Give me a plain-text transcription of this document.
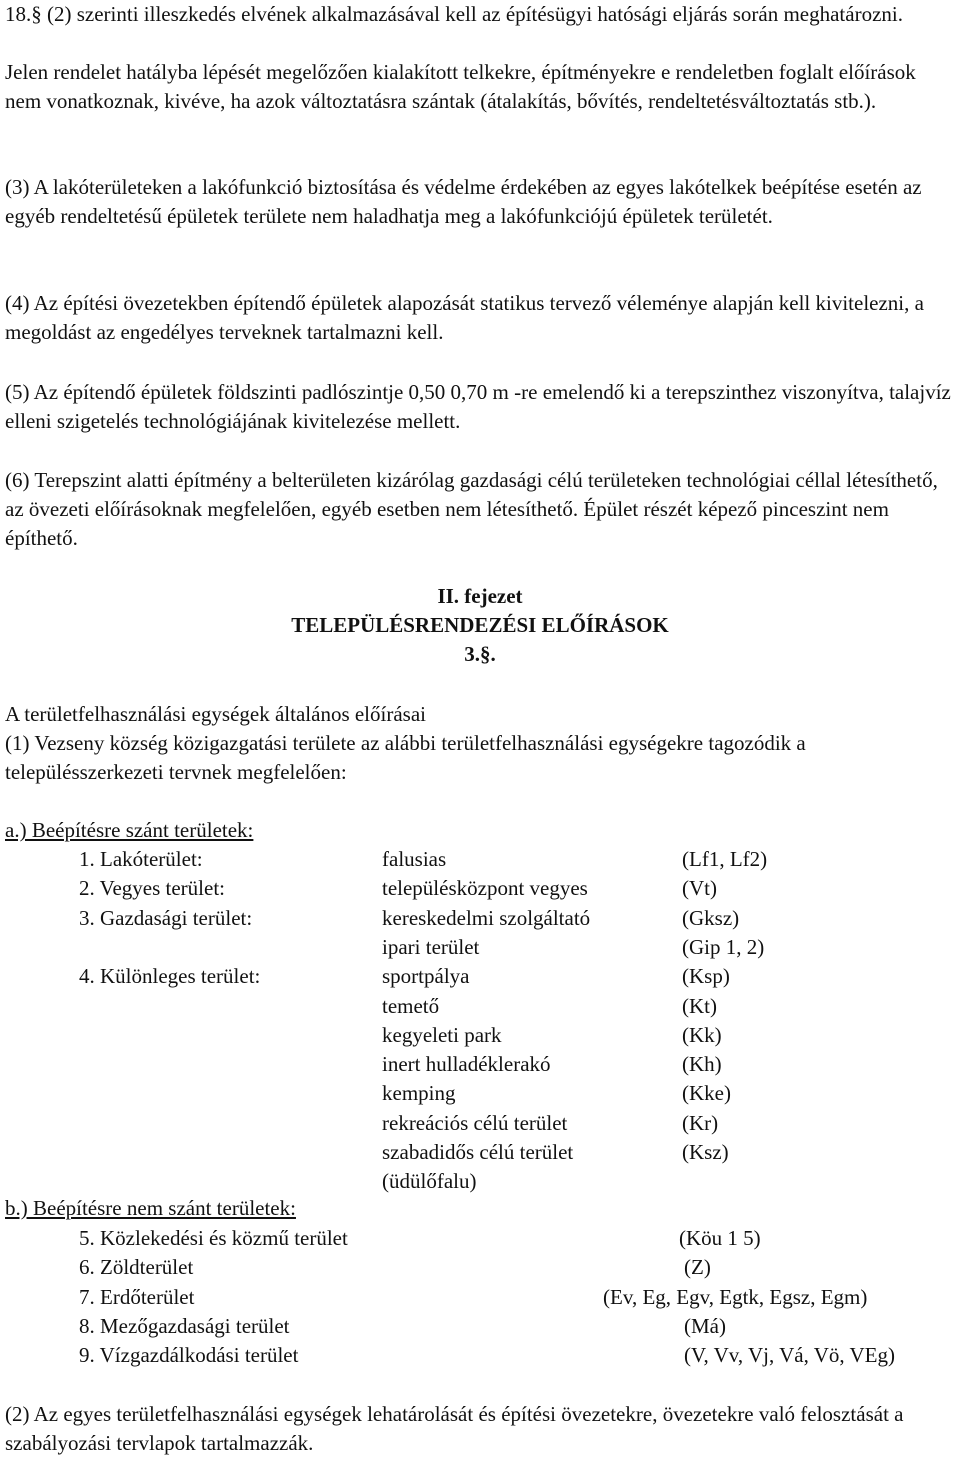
18.§ (2) szerinti illeszkedés elvének alkalmazásával kell az építésügyi hatósági eljárás során meghatározni.

Jelen rendelet hatályba lépését megelőzően kialakított telkekre, építményekre e rendeletben foglalt előírások nem vonatkoznak, kivéve, ha azok változtatásra szántak (átalakítás, bővítés, rendeltetésváltoztatás stb.).

(3) A lakóterületeken a lakófunkció biztosítása és védelme érdekében az egyes lakótelkek beépítése esetén az egyéb rendeltetésű épületek területe nem haladhatja meg a lakófunkciójú épületek területét.

(4) Az építési övezetekben építendő épületek alapozását statikus tervező véleménye alapján kell kivitelezni, a megoldást az engedélyes terveknek tartalmazni kell.

(5) Az építendő épületek földszinti padlószintje 0,50 0,70 m -re emelendő ki a terepszinthez viszonyítva, talajvíz elleni szigetelés technológiájának kivitelezése mellett.

(6) Terepszint alatti építmény a belterületen kizárólag gazdasági célú területeken technológiai céllal létesíthető, az övezeti előírásoknak megfelelően, egyéb esetben nem létesíthető. Épület részét képező pinceszint nem építhető.

II. fejezet
TELEPÜLÉSRENDEZÉSI ELŐÍRÁSOK
3.§.

A területfelhasználási egységek általános előírásai

(1) Vezseny község közigazgatási területe az alábbi területfelhasználási egységekre tagozódik a településszerkezeti tervnek megfelelően:

a.) Beépítésre szánt területek:
1. Lakóterület:	falusias	(Lf1, Lf2)
2. Vegyes terület:	településközpont vegyes	(Vt)
3. Gazdasági terület:	kereskedelmi szolgáltató	(Gksz)
ipari terület	(Gip 1, 2)
4. Különleges terület:	sportpálya	(Ksp)
temető	(Kt)
kegyeleti park	(Kk)
inert hulladéklerakó	(Kh)
kemping	(Kke)
rekreációs célú terület	(Kr)
szabadidős célú terület	(Ksz)
(üdülőfalu)
b.) Beépítésre nem szánt területek:
5. Közlekedési és közmű terület	(Köu 1 5)
6. Zöldterület	(Z)
7. Erdőterület	(Ev, Eg, Egv, Egtk, Egsz, Egm)
8. Mezőgazdasági terület	(Má)
9. Vízgazdálkodási terület	(V, Vv, Vj, Vá, Vö, VEg)

(2) Az egyes területfelhasználási egységek lehatárolását és építési övezetekre, övezetekre való felosztását a szabályozási tervlapok tartalmazzák.
